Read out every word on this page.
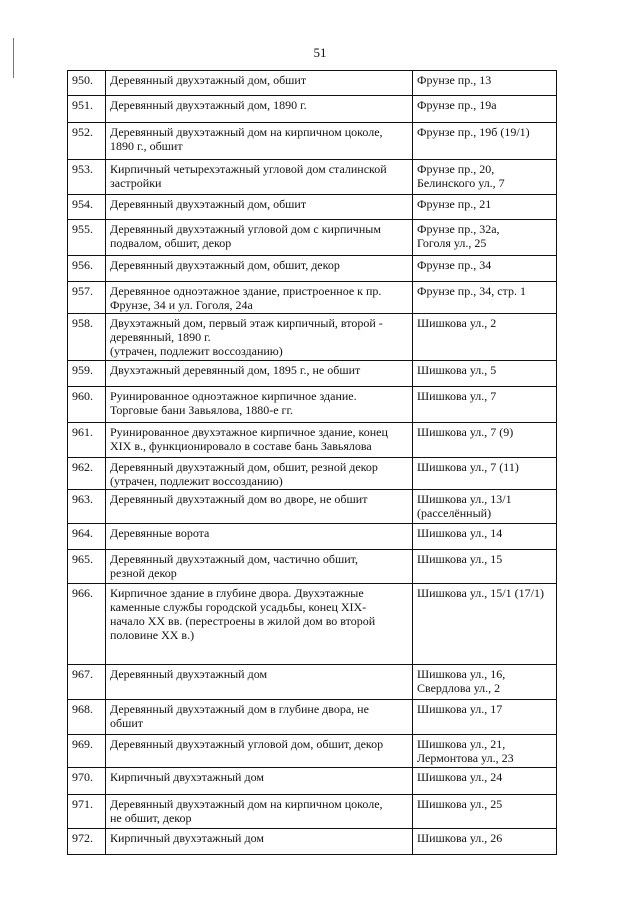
51
950.	Деревянный двухэтажный дом, обшит	Фрунзе пр., 13

951.	Деревянный двухэтажный дом, 1890 г.	Фрунзе пр., 19а

952.	Деревянный двухэтажный дом на кирпичном цоколе,
1890 г., обшит	Фрунзе пр., 19б (19/1)

953.	Кирпичный четырехэтажный угловой дом сталинской
застройки	Фрунзе пр., 20,
Белинского ул., 7

954.	Деревянный двухэтажный дом, обшит	Фрунзе пр., 21

955.	Деревянный двухэтажный угловой дом с кирпичным
подвалом, обшит, декор	Фрунзе пр., 32а,
Гоголя ул., 25

956.	Деревянный двухэтажный дом, обшит, декор	Фрунзе пр., 34

957.	Деревянное одноэтажное здание, пристроенное к пр.
Фрунзе, 34 и ул. Гоголя, 24а	Фрунзе пр., 34, стр. 1

958.	Двухэтажный дом, первый этаж кирпичный, второй -
деревянный, 1890 г.
(утрачен, подлежит воссозданию)	Шишкова ул., 2

959.	Двухэтажный деревянный дом, 1895 г., не обшит	Шишкова ул., 5

960.	Руинированное одноэтажное кирпичное здание.
Торговые бани Завьялова, 1880-е гг.	Шишкова ул., 7

961.	Руинированное двухэтажное кирпичное здание, конец
XIX в., функционировало в составе бань Завьялова	Шишкова ул., 7 (9)

962.	Деревянный двухэтажный дом, обшит, резной декор
(утрачен, подлежит воссозданию)	Шишкова ул., 7 (11)

963.	Деревянный двухэтажный дом во дворе, не обшит	Шишкова ул., 13/1
(расселённый)

964.	Деревянные ворота	Шишкова ул., 14

965.	Деревянный двухэтажный дом, частично обшит,
резной декор	Шишкова ул., 15

966.	Кирпичное здание в глубине двора. Двухэтажные
каменные службы городской усадьбы, конец XIX-
начало XX вв. (перестроены в жилой дом во второй
половине XX в.)	Шишкова ул., 15/1 (17/1)

967.	Деревянный двухэтажный дом	Шишкова ул., 16,
Свердлова ул., 2

968.	Деревянный двухэтажный дом в глубине двора, не
обшит	Шишкова ул., 17

969.	Деревянный двухэтажный угловой дом, обшит, декор	Шишкова ул., 21,
Лермонтова ул., 23

970.	Кирпичный двухэтажный дом	Шишкова ул., 24

971.	Деревянный двухэтажный дом на кирпичном цоколе,
не обшит, декор	Шишкова ул., 25

972.	Кирпичный двухэтажный дом	Шишкова ул., 26
